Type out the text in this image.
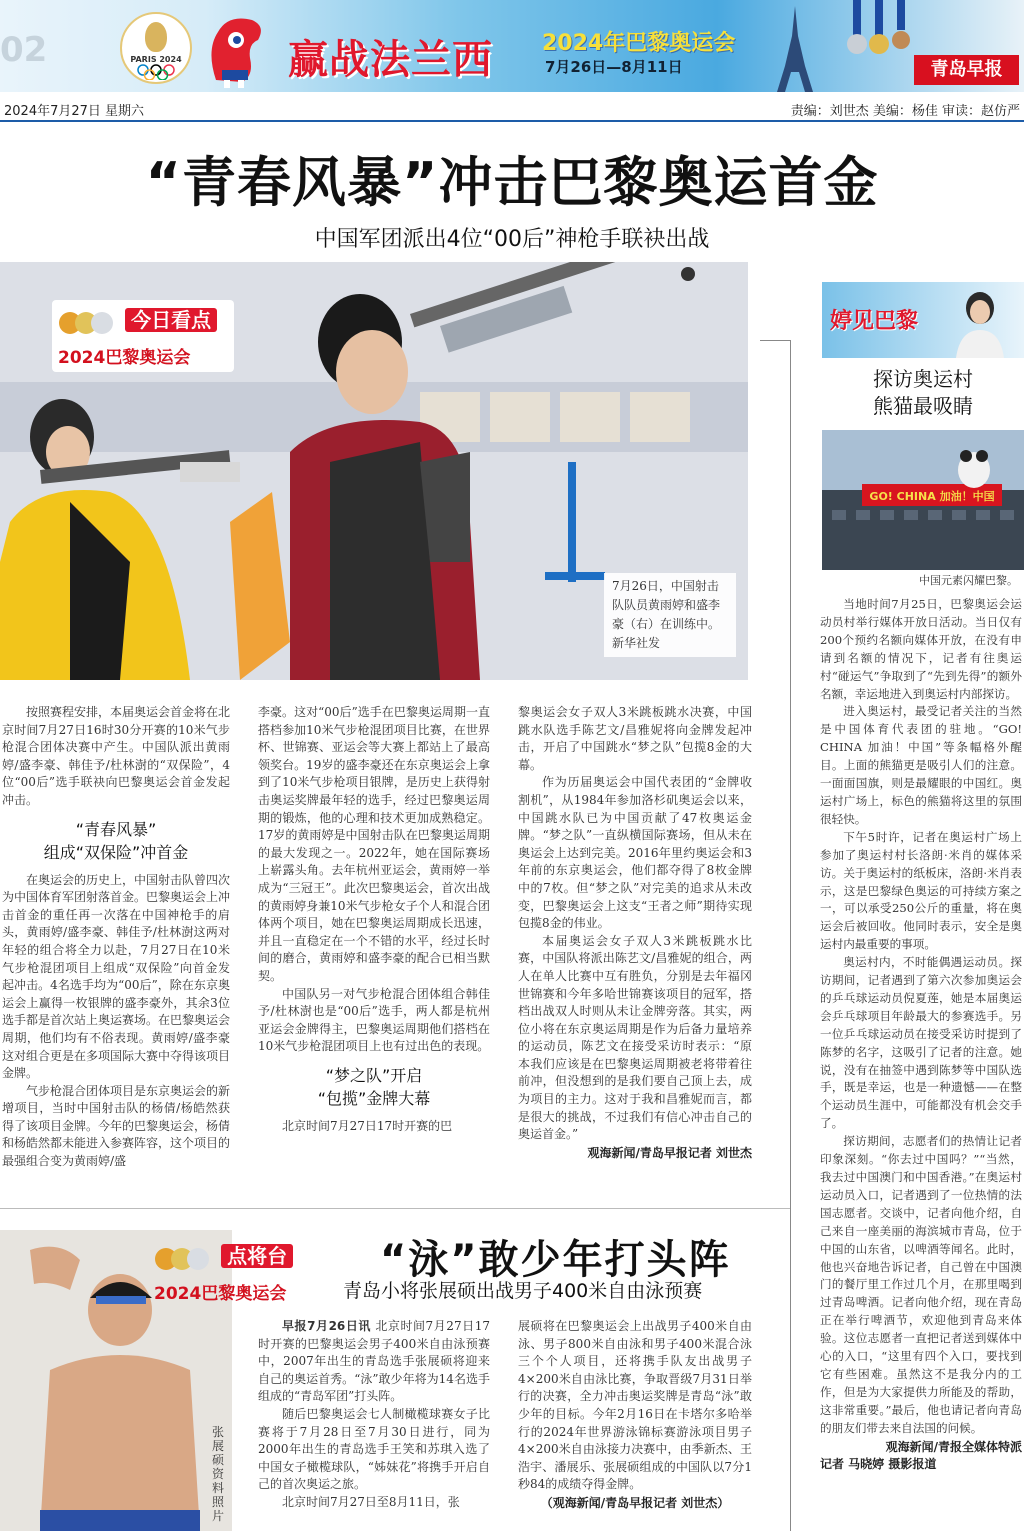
02	PARIS 2024	赢战法兰西 2024年巴黎奥运会
7月26日—8月11日	青岛早报
2024年7月27日 星期六	责编：刘世杰 美编：杨佳 审读：赵仿严
“青春风暴”冲击巴黎奥运首金
中国军团派出4位“00后”神枪手联袂出战
今日看点
2024巴黎奥运会
7月26日，中国射击队队员黄雨婷和盛李豪（右）在训练中。新华社发

按照赛程安排，本届奥运会首金将在北京时间7月27日16时30分开赛的10米气步枪混合团体决赛中产生。中国队派出黄雨婷/盛李豪、韩佳予/杜林澍的“双保险”，4位“00后”选手联袂向巴黎奥运会首金发起冲击。

“青春风暴”
组成“双保险”冲首金

在奥运会的历史上，中国射击队曾四次为中国体育军团射落首金。巴黎奥运会上冲击首金的重任再一次落在中国神枪手的肩头，黄雨婷/盛李豪、韩佳予/杜林澍这两对年轻的组合将全力以赴，7月27日在10米气步枪混团项目上组成“双保险”向首金发起冲击。4名选手均为“00后”，除在东京奥运会上赢得一枚银牌的盛李豪外，其余3位选手都是首次站上奥运赛场。在巴黎奥运会周期，他们均有不俗表现。黄雨婷/盛李豪这对组合更是在多项国际大赛中夺得该项目金牌。

气步枪混合团体项目是东京奥运会的新增项目，当时中国射击队的杨倩/杨皓然获得了该项目金牌。今年的巴黎奥运会，杨倩和杨皓然都未能进入参赛阵容，这个项目的最强组合变为黄雨婷/盛

李豪。这对“00后”选手在巴黎奥运周期一直搭档参加10米气步枪混团项目比赛，在世界杯、世锦赛、亚运会等大赛上都站上了最高领奖台。19岁的盛李豪还在东京奥运会上拿到了10米气步枪项目银牌，是历史上获得射击奥运奖牌最年轻的选手，经过巴黎奥运周期的锻炼，他的心理和技术更加成熟稳定。17岁的黄雨婷是中国射击队在巴黎奥运周期的最大发现之一。2022年，她在国际赛场上崭露头角。去年杭州亚运会，黄雨婷一举成为“三冠王”。此次巴黎奥运会，首次出战的黄雨婷身兼10米气步枪女子个人和混合团体两个项目，她在巴黎奥运周期成长迅速，并且一直稳定在一个不错的水平，经过长时间的磨合，黄雨婷和盛李豪的配合已相当默契。

中国队另一对气步枪混合团体组合韩佳予/杜林澍也是“00后”选手，两人都是杭州亚运会金牌得主，巴黎奥运周期他们搭档在10米气步枪混团项目上也有过出色的表现。

“梦之队”开启
“包揽”金牌大幕

北京时间7月27日17时开赛的巴

黎奥运会女子双人3米跳板跳水决赛，中国跳水队选手陈艺文/昌雅妮将向金牌发起冲击，开启了中国跳水“梦之队”包揽8金的大幕。

作为历届奥运会中国代表团的“金牌收割机”，从1984年参加洛杉矶奥运会以来，中国跳水队已为中国贡献了47枚奥运金牌。“梦之队”一直纵横国际赛场，但从未在奥运会上达到完美。2016年里约奥运会和3年前的东京奥运会，他们都夺得了8枚金牌中的7枚。但“梦之队”对完美的追求从未改变，巴黎奥运会上这支“王者之师”期待实现包揽8金的伟业。

本届奥运会女子双人3米跳板跳水比赛，中国队将派出陈艺文/昌雅妮的组合，两人在单人比赛中互有胜负，分别是去年福冈世锦赛和今年多哈世锦赛该项目的冠军，搭档出战双人时则从未让金牌旁落。其实，两位小将在东京奥运周期是作为后备力量培养的运动员，陈艺文在接受采访时表示：“原本我们应该是在巴黎奥运周期被老将带着往前冲，但没想到的是我们要自己顶上去，成为项目的主力。这对于我和昌雅妮而言，都是很大的挑战，不过我们有信心冲击自己的奥运首金。”

观海新闻/青岛早报记者 刘世杰

婷见巴黎
探访奥运村
熊猫最吸睛
GO! CHINA 加油！中国
中国元素闪耀巴黎。

当地时间7月25日，巴黎奥运会运动员村举行媒体开放日活动。当日仅有200个预约名额向媒体开放，在没有申请到名额的情况下，记者有往奥运村“碰运气”争取到了“先到先得”的额外名额，幸运地进入到奥运村内部探访。

进入奥运村，最受记者关注的当然是中国体育代表团的驻地。“GO! CHINA 加油！中国”等条幅格外醒目。上面的熊猫更是吸引人们的注意。一面面国旗，则是最耀眼的中国红。奥运村广场上，标色的熊猫将这里的氛围很轻快。

下午5时许，记者在奥运村广场上参加了奥运村村长洛朗·米肖的媒体采访。关于奥运村的纸板床，洛朗·米肖表示，这是巴黎绿色奥运的可持续方案之一，可以承受250公斤的重量，将在奥运会后被回收。他同时表示，安全是奥运村内最重要的事项。

奥运村内，不时能偶遇运动员。探访期间，记者遇到了第六次参加奥运会的乒乓球运动员倪夏莲，她是本届奥运会乒乓球项目年龄最大的参赛选手。另一位乒乓球运动员在接受采访时提到了陈梦的名字，这吸引了记者的注意。她说，没有在抽签中遇到陈梦等中国队选手，既是幸运，也是一种遗憾——在整个运动员生涯中，可能都没有机会交手了。

探访期间，志愿者们的热情让记者印象深刻。“你去过中国吗？”“当然，我去过中国澳门和中国香港。”在奥运村运动员入口，记者遇到了一位热情的法国志愿者。交谈中，记者向他介绍，自己来自一座美丽的海滨城市青岛，位于中国的山东省，以啤酒等闻名。此时，他也兴奋地告诉记者，自己曾在中国澳门的餐厅里工作过几个月，在那里喝到过青岛啤酒。记者向他介绍，现在青岛正在举行啤酒节，欢迎他到青岛来体验。这位志愿者一直把记者送到媒体中心的入口，“这里有四个入口，要找到它有些困难。虽然这不是我分内的工作，但是为大家提供力所能及的帮助，这非常重要。”最后，他也请记者向青岛的朋友们带去来自法国的问候。

观海新闻/青报全媒体特派

记者 马晓婷 摄影报道

点将台
2024巴黎奥运会
张展硕 资料照片
“泳”敢少年打头阵
青岛小将张展硕出战男子400米自由泳预赛

早报7月26日讯 北京时间7月27日17时开赛的巴黎奥运会男子400米自由泳预赛中，2007年出生的青岛选手张展硕将迎来自己的奥运首秀。“泳”敢少年将为14名选手组成的“青岛军团”打头阵。

随后巴黎奥运会七人制橄榄球赛女子比赛将于7月28日至7月30日进行，同为2000年出生的青岛选手王笑和苏琪入选了中国女子橄榄球队，“姊妹花”将携手开启自己的首次奥运之旅。

北京时间7月27日至8月11日，张

展硕将在巴黎奥运会上出战男子400米自由泳、男子800米自由泳和男子400米混合泳三个个人项目，还将携手队友出战男子4×200米自由泳比赛，争取晋级7月31日举行的决赛，全力冲击奥运奖牌是青岛“泳”敢少年的目标。今年2月16日在卡塔尔多哈举行的2024年世界游泳锦标赛游泳项目男子4×200米自由泳接力决赛中，由季新杰、王浩宇、潘展乐、张展硕组成的中国队以7分1秒84的成绩夺得金牌。

（观海新闻/青岛早报记者 刘世杰）
